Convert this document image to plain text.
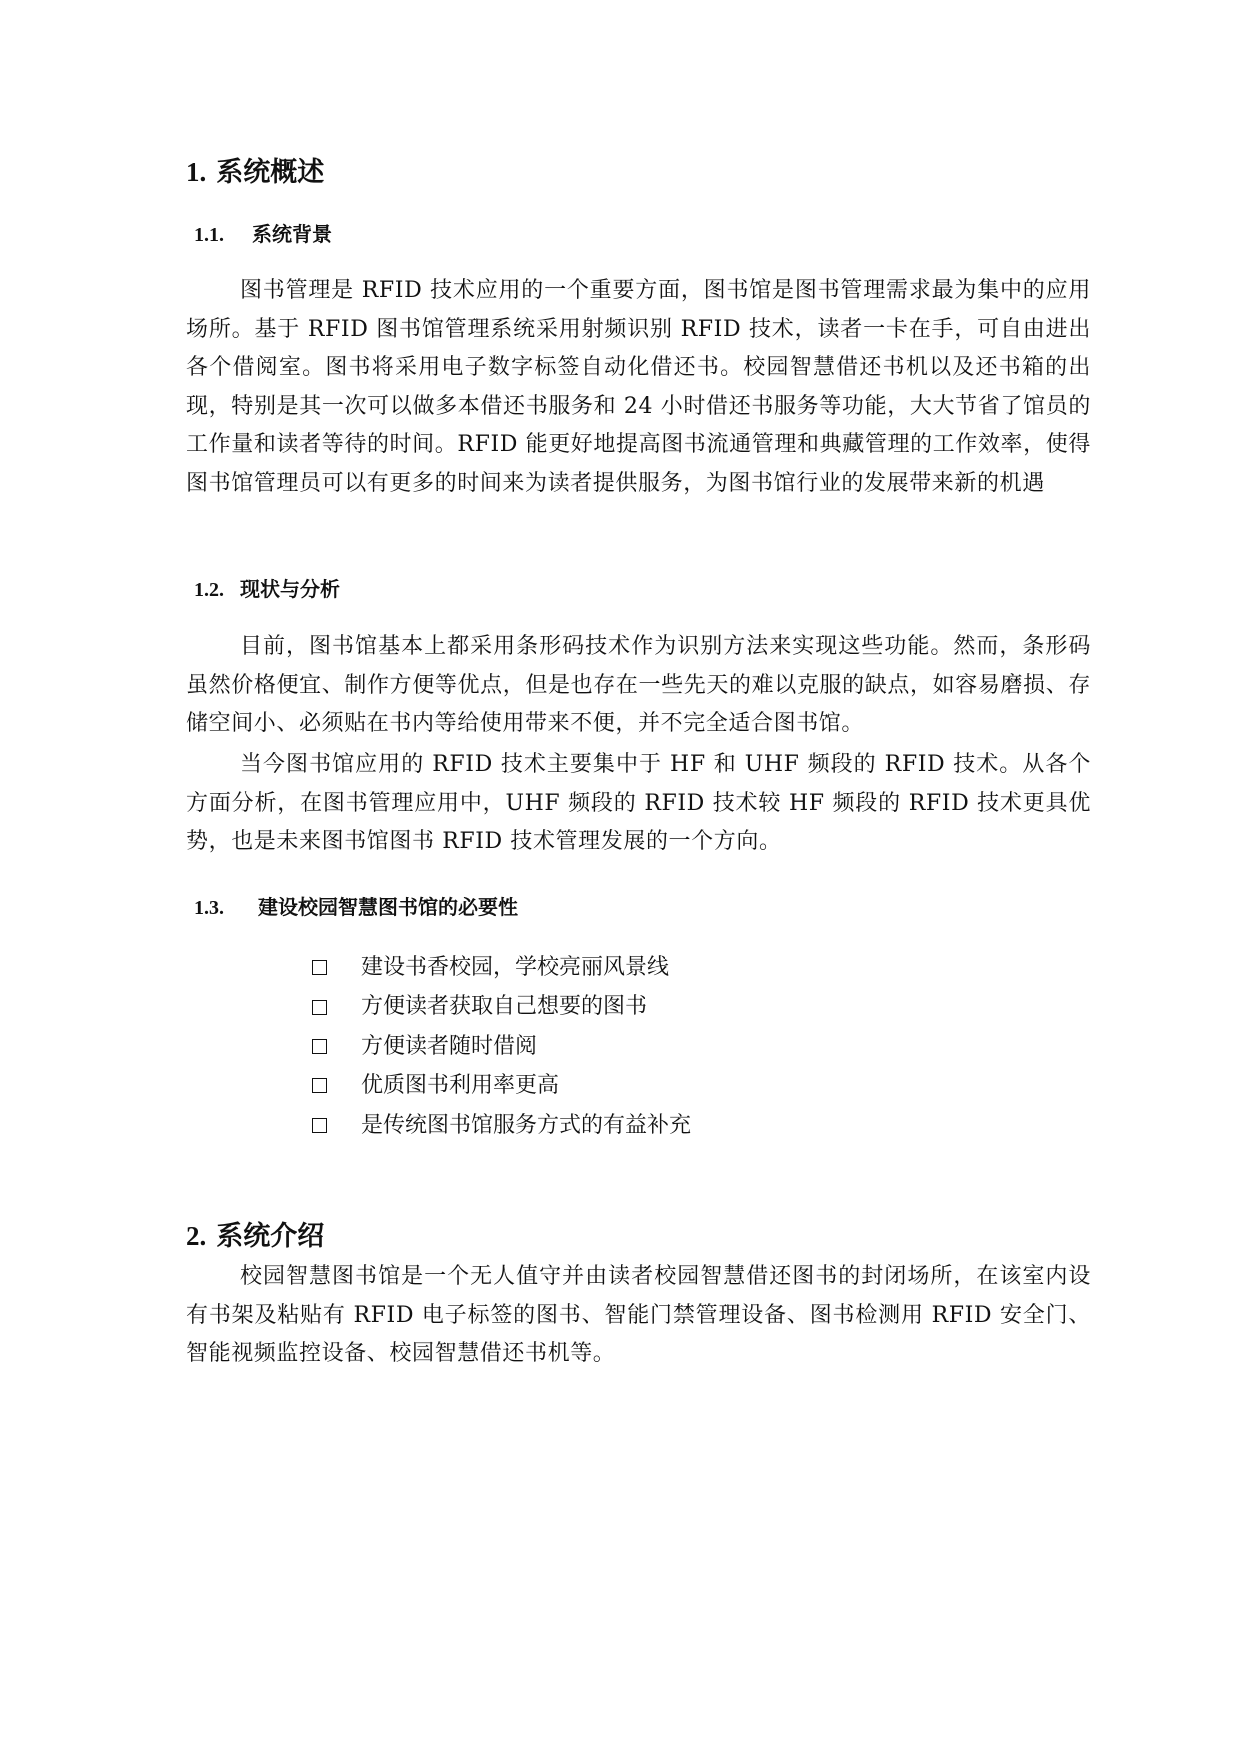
1. 系统概述
1.1. 系统背景

图书管理是 RFID 技术应用的一个重要方面，图书馆是图书管理需求最为集中的应用场所。基于 RFID 图书馆管理系统采用射频识别 RFID 技术，读者一卡在手，可自由进出各个借阅室。图书将采用电子数字标签自动化借还书。校园智慧借还书机以及还书箱的出现，特别是其一次可以做多本借还书服务和 24 小时借还书服务等功能，大大节省了馆员的工作量和读者等待的时间。RFID 能更好地提高图书流通管理和典藏管理的工作效率，使得图书馆管理员可以有更多的时间来为读者提供服务，为图书馆行业的发展带来新的机遇

1.2. 现状与分析

目前，图书馆基本上都采用条形码技术作为识别方法来实现这些功能。然而，条形码虽然价格便宜、制作方便等优点，但是也存在一些先天的难以克服的缺点，如容易磨损、存储空间小、必须贴在书内等给使用带来不便，并不完全适合图书馆。

当今图书馆应用的 RFID 技术主要集中于 HF 和 UHF 频段的 RFID 技术。从各个方面分析，在图书管理应用中，UHF 频段的 RFID 技术较 HF 频段的 RFID 技术更具优势，也是未来图书馆图书 RFID 技术管理发展的一个方向。

1.3. 建设校园智慧图书馆的必要性
建设书香校园，学校亮丽风景线
方便读者获取自己想要的图书
方便读者随时借阅
优质图书利用率更高
是传统图书馆服务方式的有益补充
2. 系统介绍

校园智慧图书馆是一个无人值守并由读者校园智慧借还图书的封闭场所，在该室内设有书架及粘贴有 RFID 电子标签的图书、智能门禁管理设备、图书检测用 RFID 安全门、智能视频监控设备、校园智慧借还书机等。
